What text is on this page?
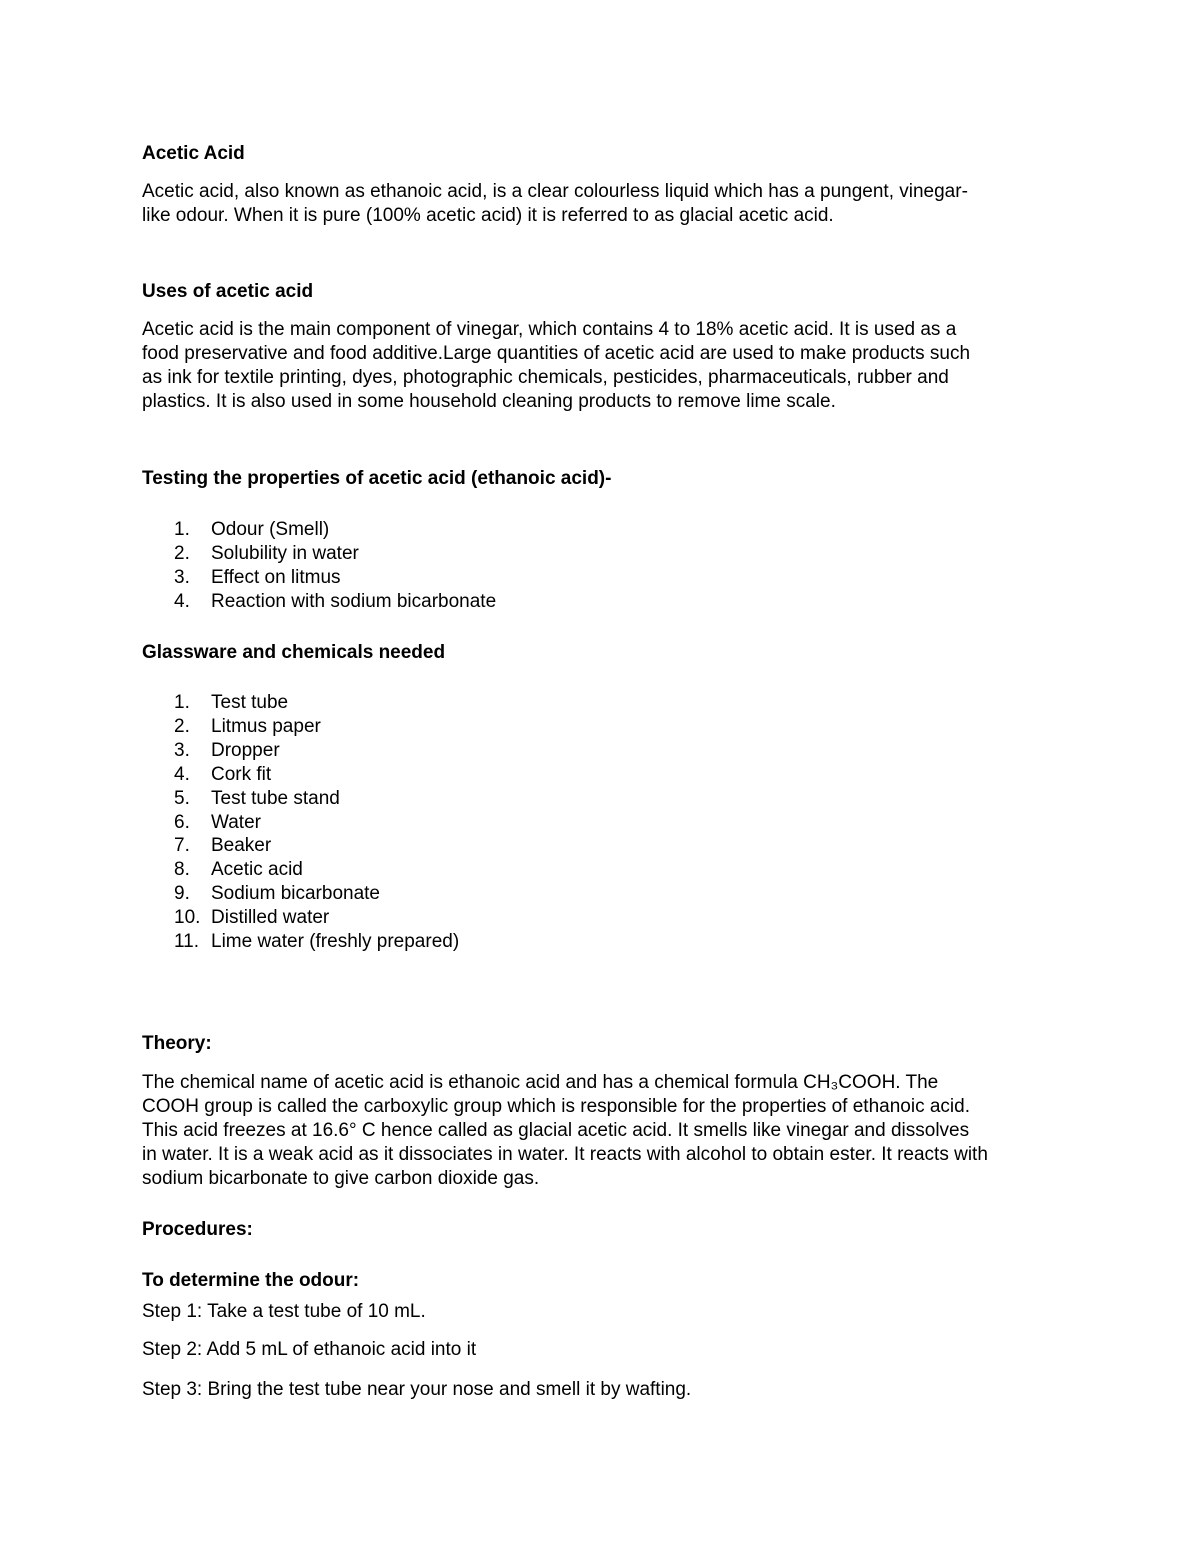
Acetic Acid
Acetic acid, also known as ethanoic acid, is a clear colourless liquid which has a pungent, vinegar-
like odour. When it is pure (100% acetic acid) it is referred to as glacial acetic acid.
Uses of acetic acid
Acetic acid is the main component of vinegar, which contains 4 to 18% acetic acid. It is used as a
food preservative and food additive.Large quantities of acetic acid are used to make products such
as ink for textile printing, dyes, photographic chemicals, pesticides, pharmaceuticals, rubber and
plastics. It is also used in some household cleaning products to remove lime scale.
Testing the properties of acetic acid (ethanoic acid)-
1. Odour (Smell)
2. Solubility in water
3. Effect on litmus
4. Reaction with sodium bicarbonate
Glassware and chemicals needed
1. Test tube
2. Litmus paper
3. Dropper
4. Cork fit
5. Test tube stand
6. Water
7. Beaker
8. Acetic acid
9. Sodium bicarbonate
10. Distilled water
11. Lime water (freshly prepared)
Theory:
The chemical name of acetic acid is ethanoic acid and has a chemical formula CH₃COOH. The
COOH group is called the carboxylic group which is responsible for the properties of ethanoic acid.
This acid freezes at 16.6° C hence called as glacial acetic acid. It smells like vinegar and dissolves
in water. It is a weak acid as it dissociates in water. It reacts with alcohol to obtain ester. It reacts with
sodium bicarbonate to give carbon dioxide gas.
Procedures:
To determine the odour:
Step 1: Take a test tube of 10 mL.
Step 2: Add 5 mL of ethanoic acid into it
Step 3: Bring the test tube near your nose and smell it by wafting.
